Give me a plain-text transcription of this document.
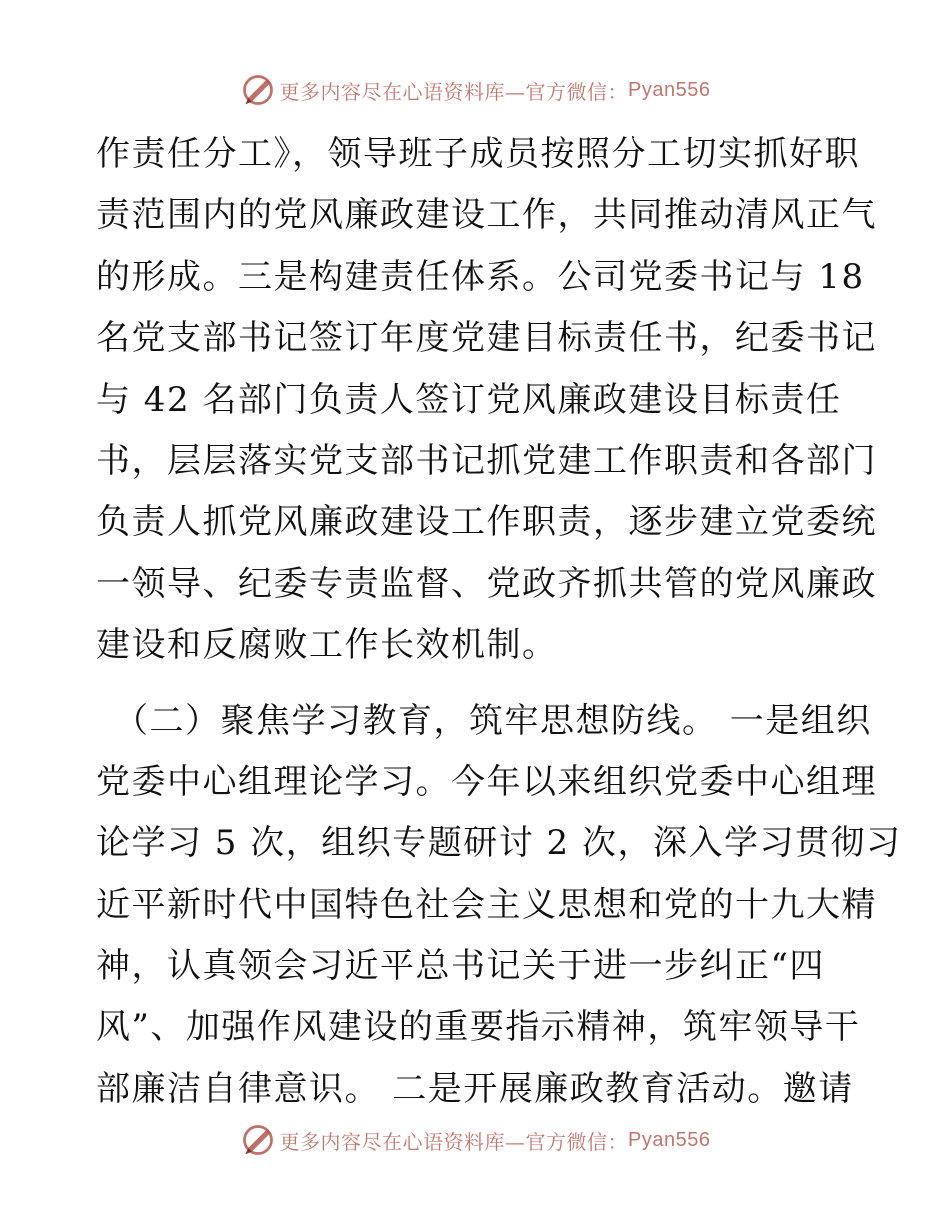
更多内容尽在心语资料库—官方微信： Pyan556
作责任分工》，领导班子成员按照分工切实抓好职
责范围内的党风廉政建设工作，共同推动清风正气
的形成。三是构建责任体系。公司党委书记与 18
名党支部书记签订年度党建目标责任书，纪委书记
与 42 名部门负责人签订党风廉政建设目标责任
书，层层落实党支部书记抓党建工作职责和各部门
负责人抓党风廉政建设工作职责，逐步建立党委统
一领导、纪委专责监督、党政齐抓共管的党风廉政
建设和反腐败工作长效机制。
（二）聚焦学习教育，筑牢思想防线。 一是组织
党委中心组理论学习。今年以来组织党委中心组理
论学习 5 次，组织专题研讨 2 次，深入学习贯彻习
近平新时代中国特色社会主义思想和党的十九大精
神，认真领会习近平总书记关于进一步纠正“四
风”、加强作风建设的重要指示精神，筑牢领导干
部廉洁自律意识。 二是开展廉政教育活动。邀请
更多内容尽在心语资料库—官方微信： Pyan556
